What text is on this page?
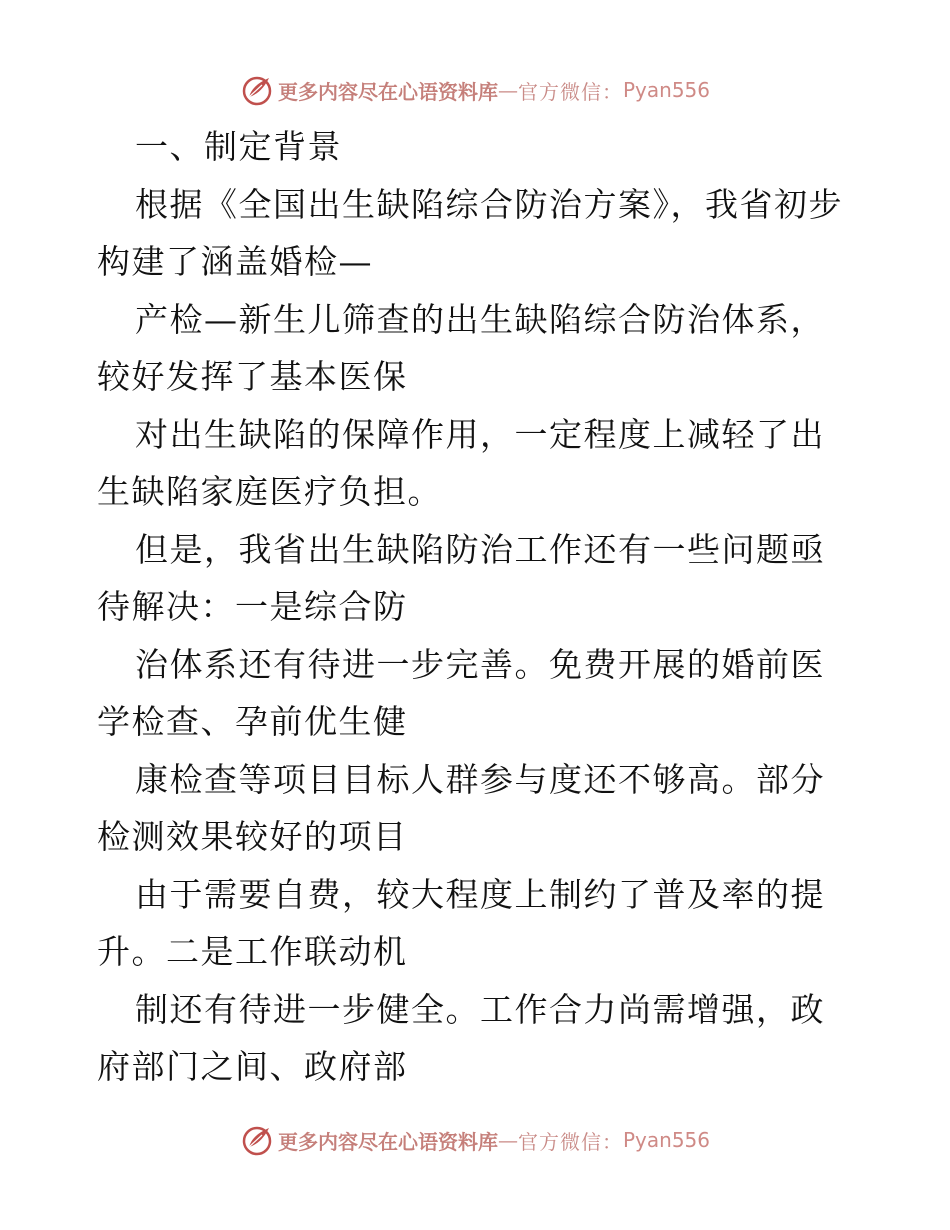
更多内容尽在心语资料库 — 官方微信： Pyan556

一、制定背景

根据《全国出生缺陷综合防治方案》，我省初步构建了涵盖婚检—

产检—新生儿筛查的出生缺陷综合防治体系，较好发挥了基本医保

对出生缺陷的保障作用，一定程度上减轻了出生缺陷家庭医疗负担。

但是，我省出生缺陷防治工作还有一些问题亟待解决：一是综合防

治体系还有待进一步完善。免费开展的婚前医学检查、孕前优生健

康检查等项目目标人群参与度还不够高。部分检测效果较好的项目

由于需要自费，较大程度上制约了普及率的提升。二是工作联动机

制还有待进一步健全。工作合力尚需增强，政府部门之间、政府部

更多内容尽在心语资料库 — 官方微信： Pyan556
